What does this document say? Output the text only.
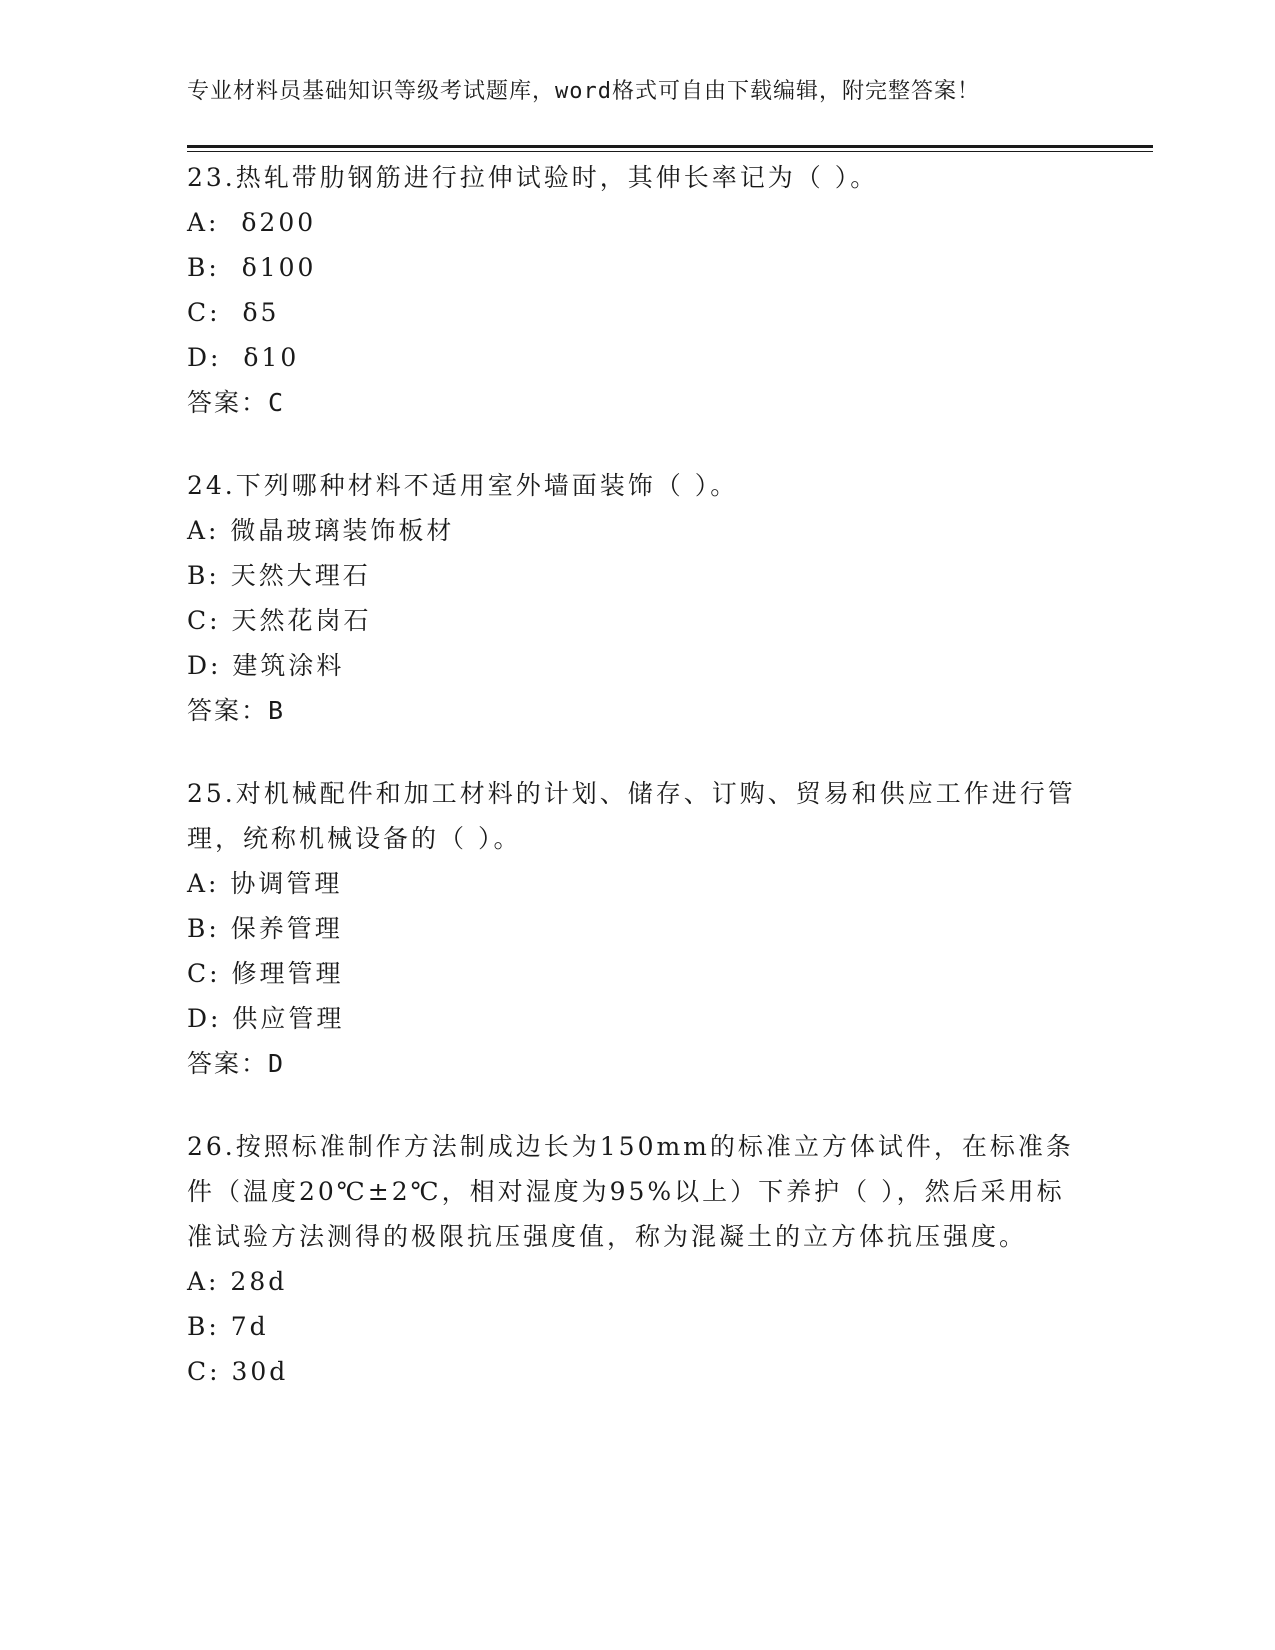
专业材料员基础知识等级考试题库，word格式可自由下载编辑，附完整答案！
23.热轧带肋钢筋进行拉伸试验时，其伸长率记为（ ）。
A:  δ200
B:  δ100
C:  δ5
D:  δ10
答案：C
24.下列哪种材料不适用室外墙面装饰（ ）。
A: 微晶玻璃装饰板材
B: 天然大理石
C: 天然花岗石
D: 建筑涂料
答案：B
25.对机械配件和加工材料的计划、储存、订购、贸易和供应工作进行管理，统称机械设备的（ ）。
A: 协调管理
B: 保养管理
C: 修理管理
D: 供应管理
答案：D
26.按照标准制作方法制成边长为150mm的标准立方体试件，在标准条件（温度20℃±2℃，相对湿度为95%以上）下养护（ ），然后采用标准试验方法测得的极限抗压强度值，称为混凝土的立方体抗压强度。
A: 28d
B: 7d
C: 30d
